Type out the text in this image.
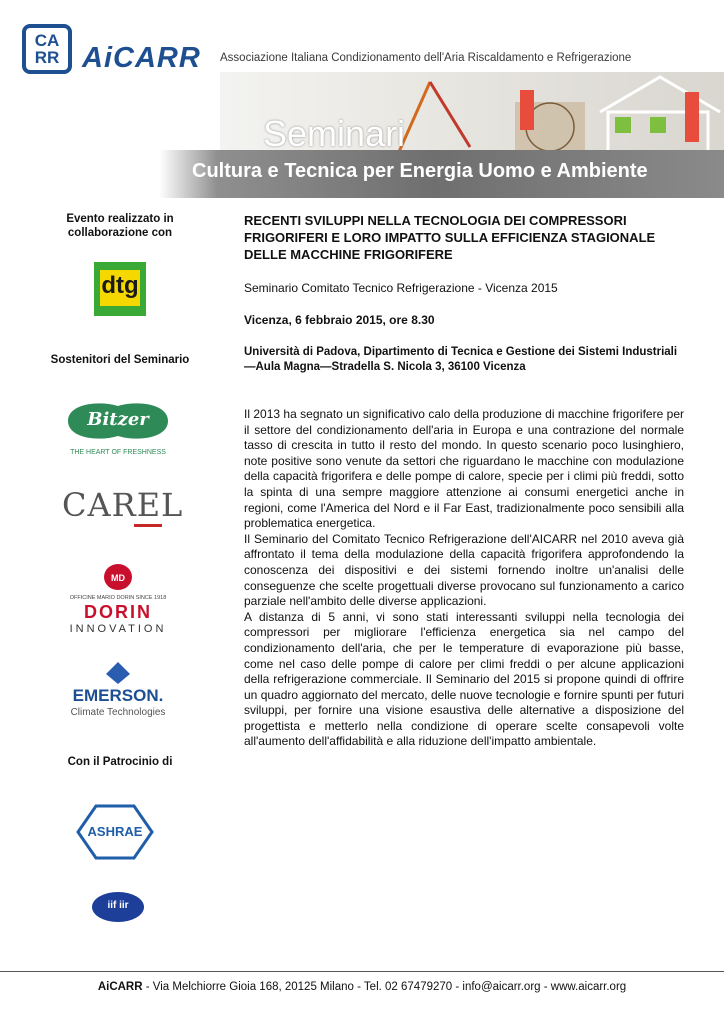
CA
RR AiCARR Associazione Italiana Condizionamento dell'Aria Riscaldamento e Refrigerazione
Seminari
Cultura e Tecnica per Energia Uomo e Ambiente
Evento realizzato in collaborazione con
dtg
Sostenitori del Seminario
Bitzer
THE HEART OF FRESHNESS
CAREL
MD
OFFICINE MARIO DORIN SINCE 1918
DORIN
INNOVATION
EMERSON.
Climate Technologies
Con il Patrocinio di
ASHRAE
iif iir
RECENTI SVILUPPI NELLA TECNOLOGIA DEI COMPRESSORI FRIGORIFERI E LORO IMPATTO SULLA EFFICIENZA STAGIONALE DELLE MACCHINE FRIGORIFERE
Seminario Comitato Tecnico Refrigerazione - Vicenza 2015
Vicenza, 6 febbraio 2015, ore 8.30
Università di Padova, Dipartimento di Tecnica e Gestione dei Sistemi Industriali—Aula Magna—Stradella S. Nicola 3, 36100 Vicenza

Il 2013 ha segnato un significativo calo della produzione di macchine frigorifere per il settore del condizionamento dell'aria in Europa e una contrazione del normale tasso di crescita in tutto il resto del mondo. In questo scenario poco lusinghiero, note positive sono venute da settori che riguardano le macchine con modulazione della capacità frigorifera e delle pompe di calore, specie per i climi più freddi, sotto la spinta di una sempre maggiore attenzione ai consumi energetici anche in regioni, come l'America del Nord e il Far East, tradizionalmente poco sensibili alla problematica energetica.

Il Seminario del Comitato Tecnico Refrigerazione dell'AICARR nel 2010 aveva già affrontato il tema della modulazione della capacità frigorifera approfondendo la conoscenza dei dispositivi e dei sistemi fornendo inoltre un'analisi delle conseguenze che scelte progettuali diverse provocano sul funzionamento a carico parziale nell'ambito delle diverse applicazioni.

A distanza di 5 anni, vi sono stati interessanti sviluppi nella tecnologia dei compressori per migliorare l'efficienza energetica sia nel campo del condizionamento dell'aria, che per le temperature di evaporazione più basse, come nel caso delle pompe di calore per climi freddi o per alcune applicazioni della refrigerazione commerciale. Il Seminario del 2015 si propone quindi di offrire un quadro aggiornato del mercato, delle nuove tecnologie e fornire spunti per futuri sviluppi, per fornire una visione esaustiva delle alternative a disposizione del progettista e metterlo nella condizione di operare scelte consapevoli volte all'aumento dell'affidabilità e alla riduzione dell'impatto ambientale.

AiCARR - Via Melchiorre Gioia 168, 20125 Milano - Tel. 02 67479270 - info@aicarr.org - www.aicarr.org
